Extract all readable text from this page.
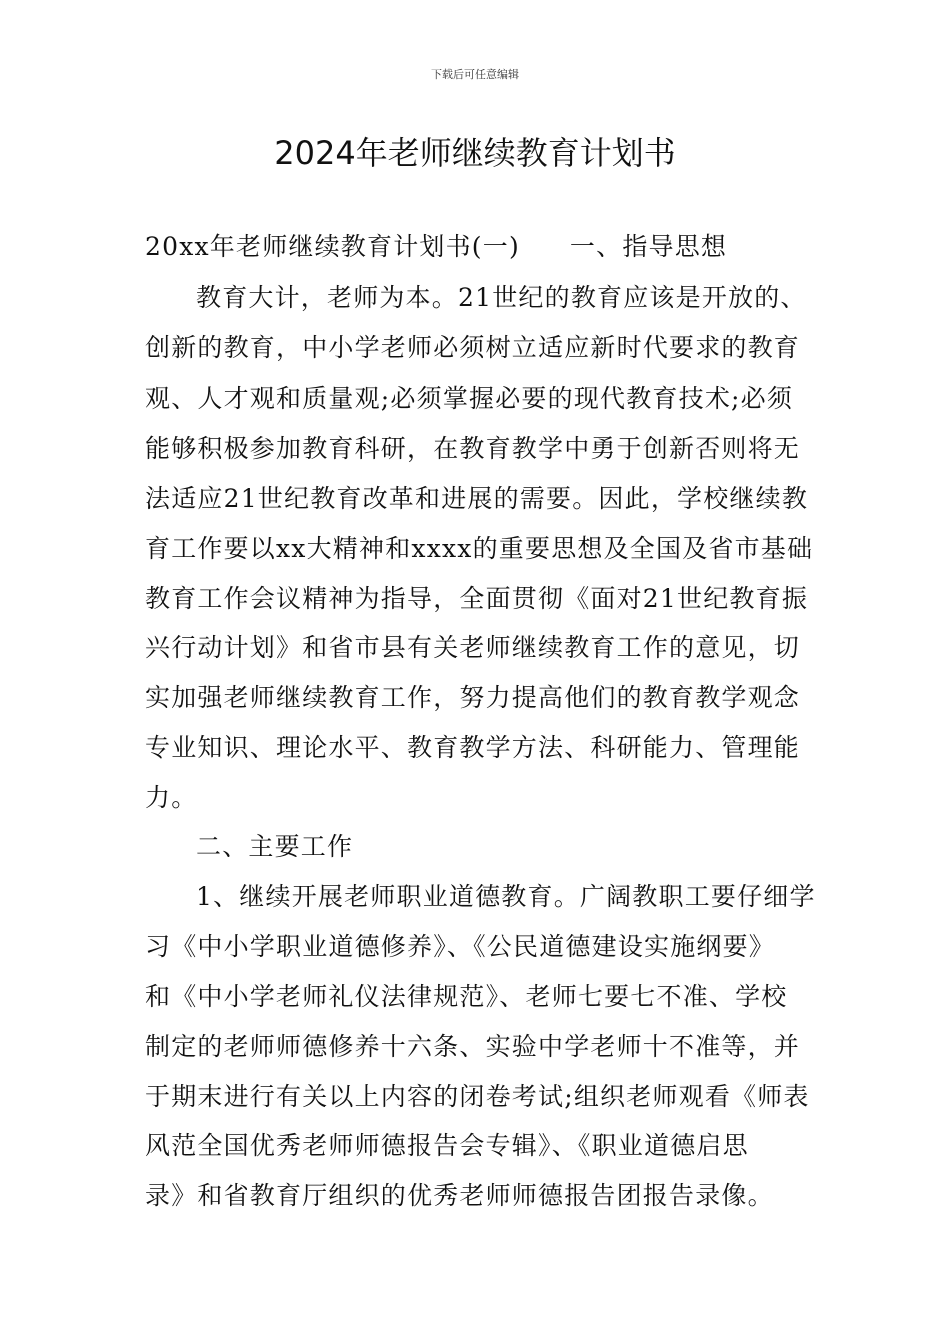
下载后可任意编辑
2024年老师继续教育计划书
20xx年老师继续教育计划书(一) 一、指导思想
教育大计，老师为本。21世纪的教育应该是开放的、
创新的教育，中小学老师必须树立适应新时代要求的教育
观、人才观和质量观;必须掌握必要的现代教育技术;必须
能够积极参加教育科研，在教育教学中勇于创新否则将无
法适应21世纪教育改革和进展的需要。因此，学校继续教
育工作要以xx大精神和xxxx的重要思想及全国及省市基础
教育工作会议精神为指导，全面贯彻《面对21世纪教育振
兴行动计划》和省市县有关老师继续教育工作的意见，切
实加强老师继续教育工作，努力提高他们的教育教学观念
专业知识、理论水平、教育教学方法、科研能力、管理能
力。
二、主要工作
1、继续开展老师职业道德教育。广阔教职工要仔细学
习《中小学职业道德修养》、《公民道德建设实施纲要》
和《中小学老师礼仪法律规范》、老师七要七不准、学校
制定的老师师德修养十六条、实验中学老师十不准等，并
于期末进行有关以上内容的闭卷考试;组织老师观看《师表
风范全国优秀老师师德报告会专辑》、《职业道德启思
录》和省教育厅组织的优秀老师师德报告团报告录像。
